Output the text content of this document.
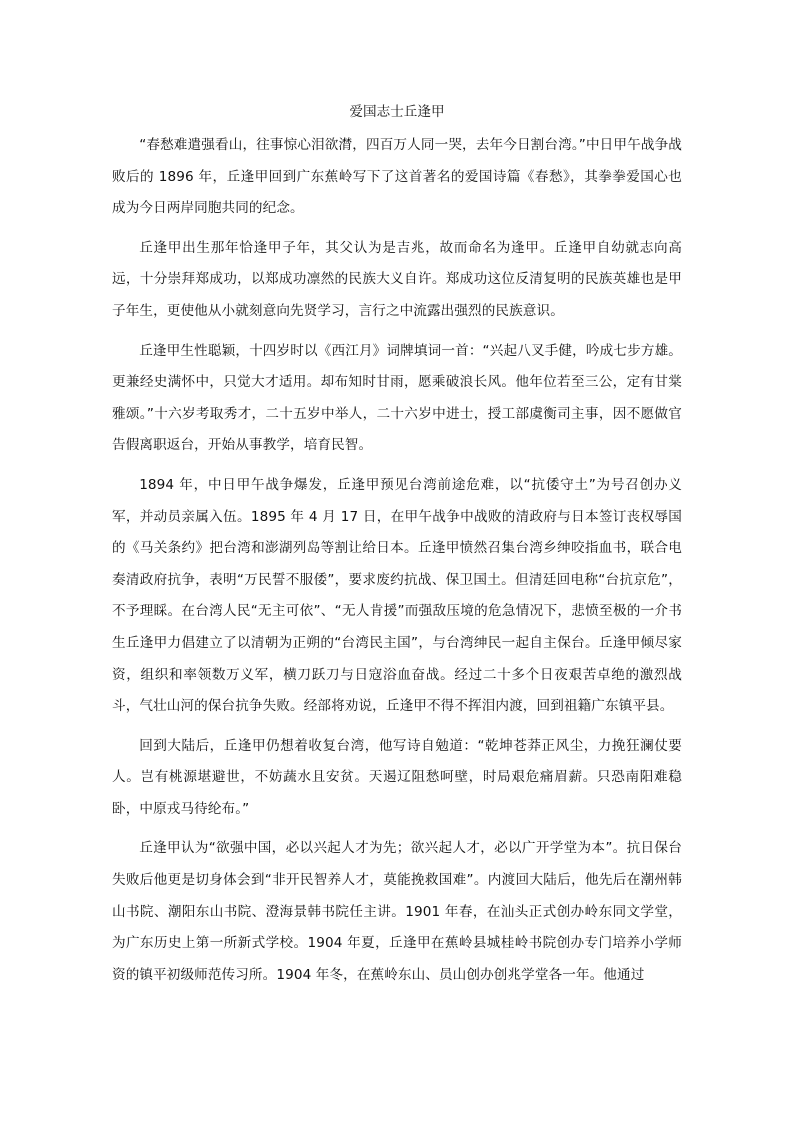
爱国志士丘逢甲

“春愁难遣强看山，往事惊心泪欲潸，四百万人同一哭，去年今日割台湾。”中日甲午战争战败后的 1896 年，丘逢甲回到广东蕉岭写下了这首著名的爱国诗篇《春愁》，其拳拳爱国心也成为今日两岸同胞共同的纪念。

丘逢甲出生那年恰逢甲子年，其父认为是吉兆，故而命名为逢甲。丘逢甲自幼就志向高远，十分崇拜郑成功，以郑成功凛然的民族大义自许。郑成功这位反清复明的民族英雄也是甲子年生，更使他从小就刻意向先贤学习，言行之中流露出强烈的民族意识。

丘逢甲生性聪颖，十四岁时以《西江月》词牌填词一首：“兴起八叉手健，吟成七步方雄。更兼经史满怀中，只觉大才适用。却布知时甘雨，愿乘破浪长风。他年位若至三公，定有甘棠雅颂。”十六岁考取秀才，二十五岁中举人，二十六岁中进士，授工部虞衡司主事，因不愿做官告假离职返台，开始从事教学，培育民智。

1894 年，中日甲午战争爆发，丘逢甲预见台湾前途危难，以“抗倭守土”为号召创办义军，并动员亲属入伍。1895 年 4 月 17 日，在甲午战争中战败的清政府与日本签订丧权辱国的《马关条约》把台湾和澎湖列岛等割让给日本。丘逢甲愤然召集台湾乡绅咬指血书，联合电奏清政府抗争，表明“万民誓不服倭”，要求废约抗战、保卫国土。但清廷回电称“台抗京危”，不予理睬。在台湾人民“无主可依”、“无人肯援”而强敌压境的危急情况下，悲愤至极的一介书生丘逢甲力倡建立了以清朝为正朔的“台湾民主国”，与台湾绅民一起自主保台。丘逢甲倾尽家资，组织和率领数万义军，横刀跃刀与日寇浴血奋战。经过二十多个日夜艰苦卓绝的激烈战斗，气壮山河的保台抗争失败。经部将劝说，丘逢甲不得不挥泪内渡，回到祖籍广东镇平县。

回到大陆后，丘逢甲仍想着收复台湾，他写诗自勉道：“乾坤苍莽正风尘，力挽狂澜仗要人。岂有桃源堪避世，不妨蔬水且安贫。天遏辽阻愁呵壁，时局艰危痛眉薪。只恐南阳难稳卧，中原戎马待纶布。”

丘逢甲认为“欲强中国，必以兴起人才为先；欲兴起人才，必以广开学堂为本”。抗日保台失败后他更是切身体会到“非开民智养人才，莫能挽救国难”。内渡回大陆后，他先后在潮州韩山书院、潮阳东山书院、澄海景韩书院任主讲。1901 年春，在汕头正式创办岭东同文学堂，为广东历史上第一所新式学校。1904 年夏，丘逢甲在蕉岭县城桂岭书院创办专门培养小学师资的镇平初级师范传习所。1904 年冬，在蕉岭东山、员山创办创兆学堂各一年。他通过
